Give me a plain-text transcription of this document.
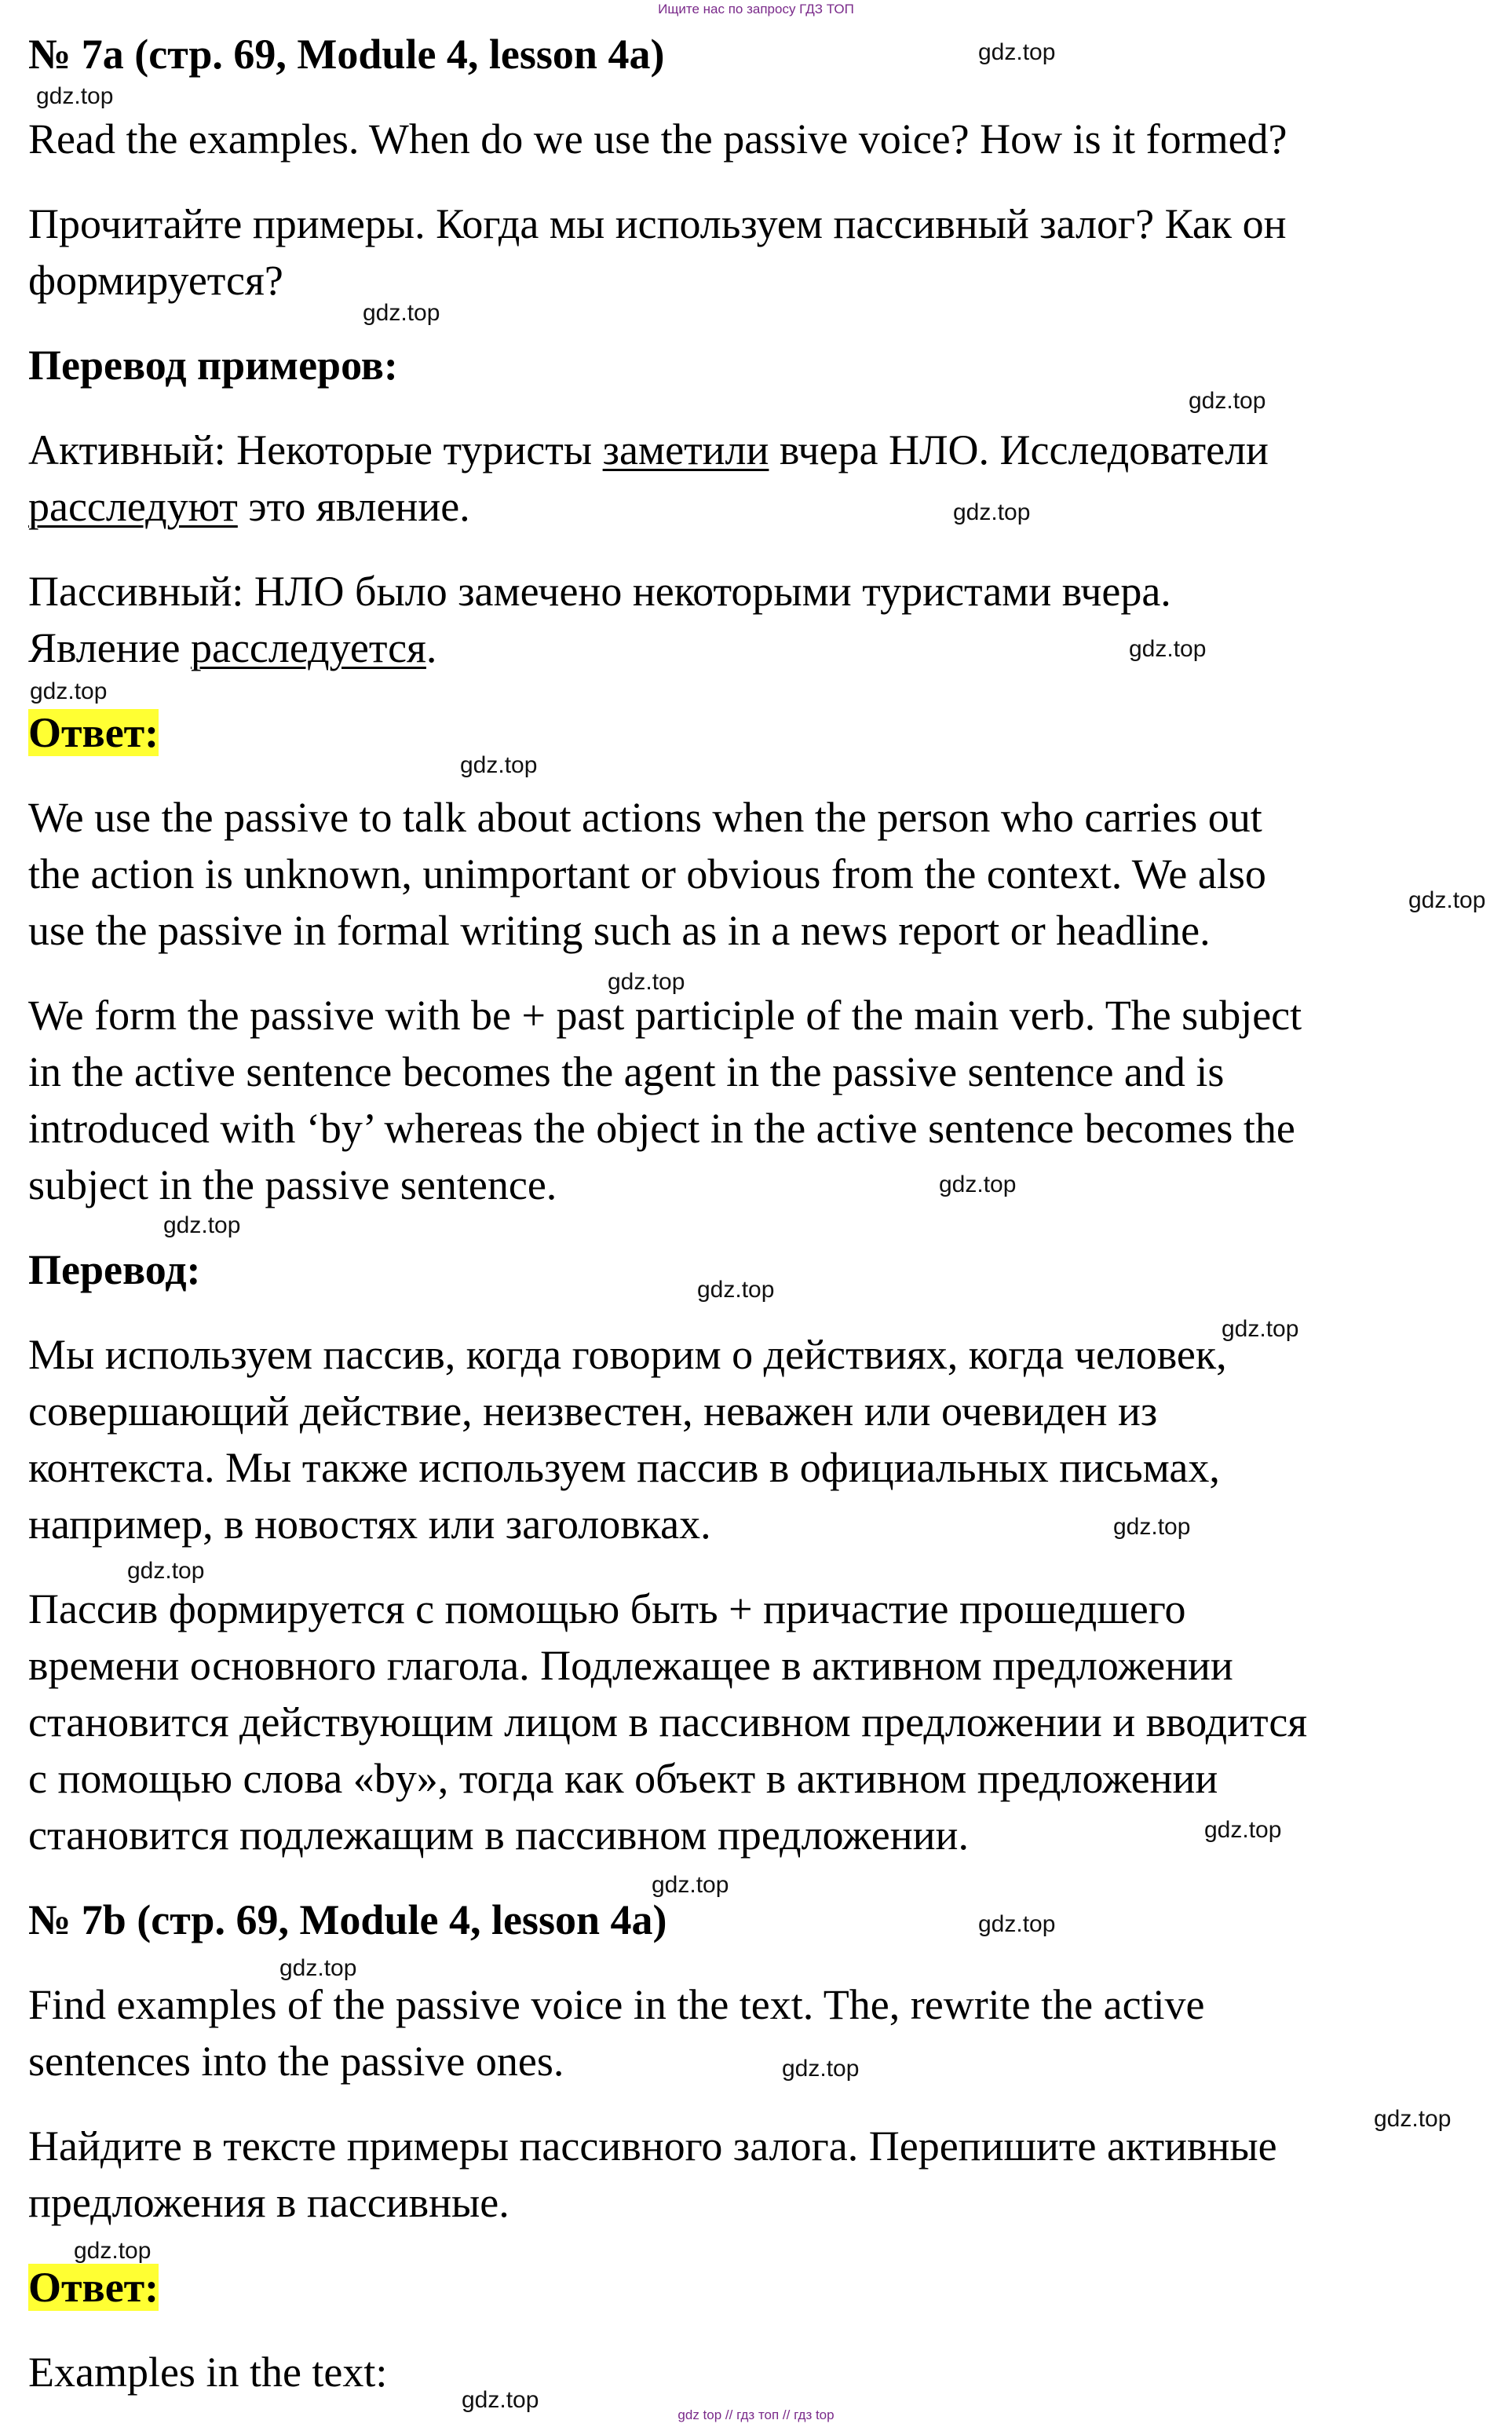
Ищите нас по запросу ГДЗ ТОП

№ 7a (стр. 69, Module 4, lesson 4a)

Read the examples. When do we use the passive voice? How is it formed?

Прочитайте примеры. Когда мы используем пассивный залог? Как он

формируется?

Перевод примеров:

Активный: Некоторые туристы заметили вчера НЛО. Исследователи

расследуют это явление.

Пассивный: НЛО было замечено некоторыми туристами вчера.

Явление расследуется.

Ответ:

We use the passive to talk about actions when the person who carries out

the action is unknown, unimportant or obvious from the context. We also

use the passive in formal writing such as in a news report or headline.

We form the passive with be + past participle of the main verb. The subject

in the active sentence becomes the agent in the passive sentence and is

introduced with ‘by’ whereas the object in the active sentence becomes the

subject in the passive sentence.

Перевод:

Мы используем пассив, когда говорим о действиях, когда человек,

совершающий действие, неизвестен, неважен или очевиден из

контекста. Мы также используем пассив в официальных письмах,

например, в новостях или заголовках.

Пассив формируется с помощью быть + причастие прошедшего

времени основного глагола. Подлежащее в активном предложении

становится действующим лицом в пассивном предложении и вводится

с помощью слова «by», тогда как объект в активном предложении

становится подлежащим в пассивном предложении.

№ 7b (стр. 69, Module 4, lesson 4a)

Find examples of the passive voice in the text. The, rewrite the active

sentences into the passive ones.

Найдите в тексте примеры пассивного залога. Перепишите активные

предложения в пассивные.

Ответ:

Examples in the text:

gdz.top
gdz.top
gdz.top
gdz.top
gdz.top
gdz.top
gdz.top
gdz.top
gdz.top
gdz.top
gdz.top
gdz.top
gdz.top
gdz.top
gdz.top
gdz.top
gdz.top
gdz.top
gdz.top
gdz.top
gdz.top
gdz.top
gdz.top
gdz.top
gdz top // гдз топ // гдз top
